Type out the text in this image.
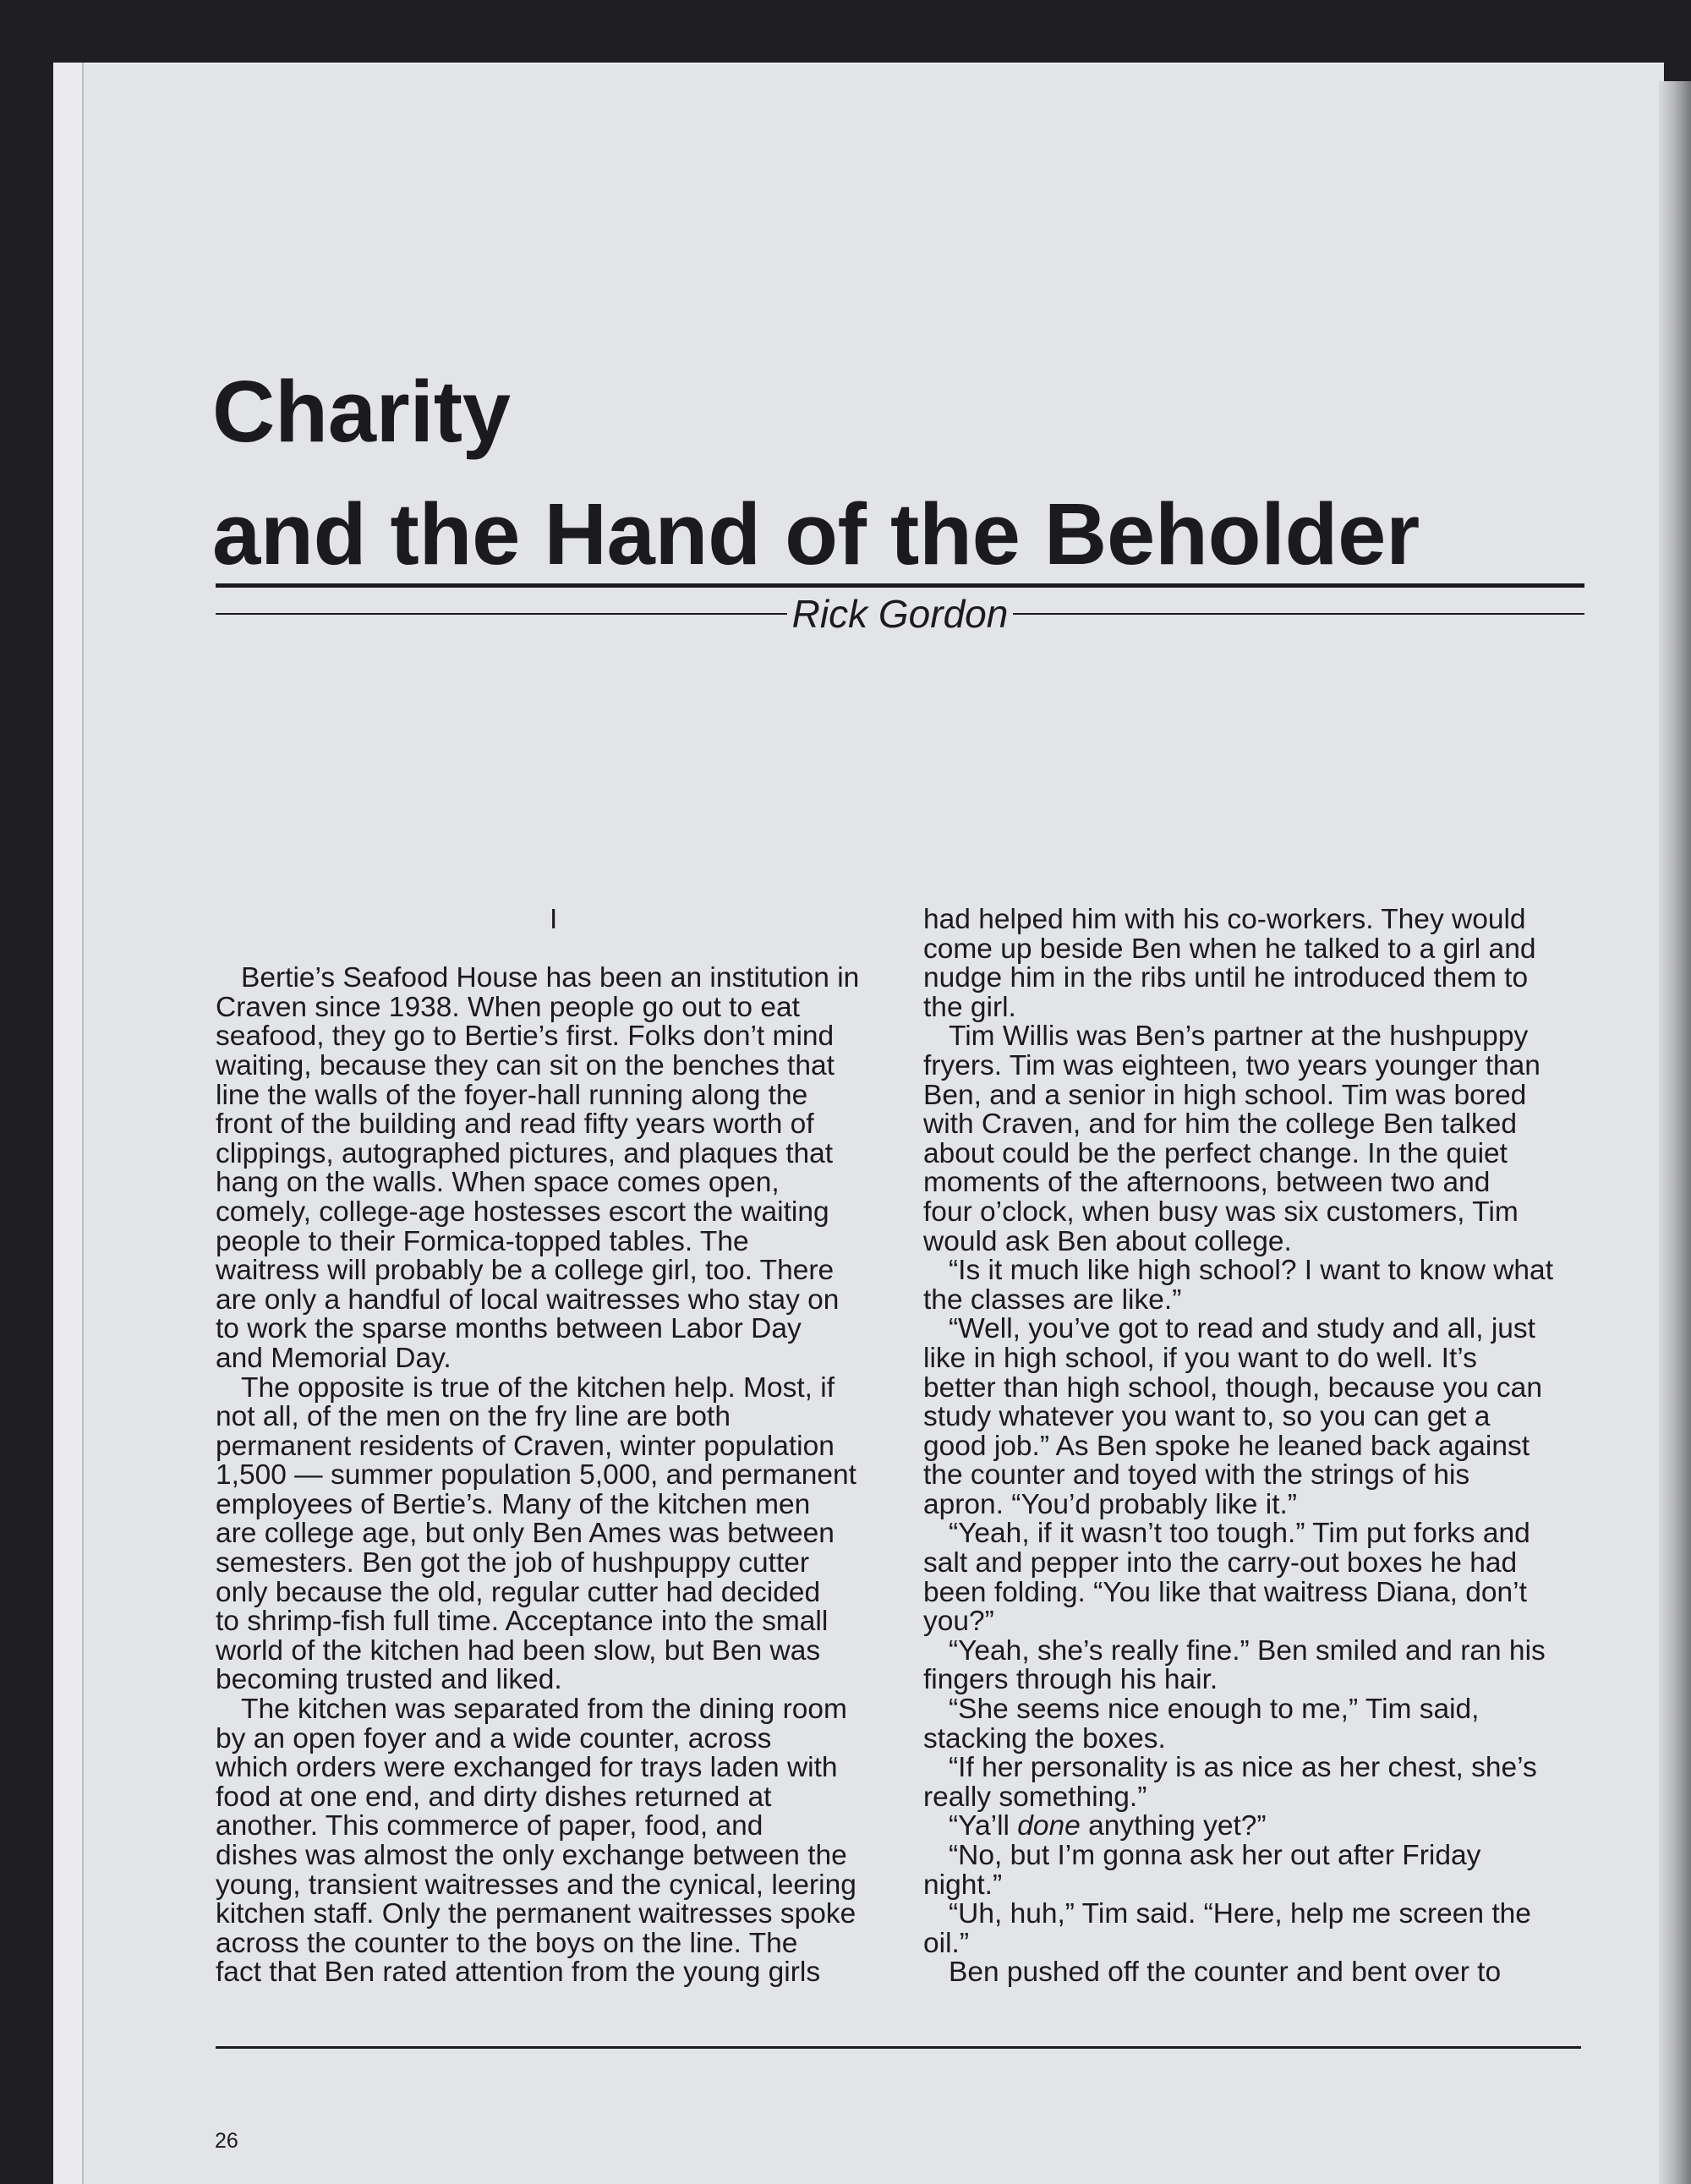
Charity
and the Hand of the Beholder
Rick Gordon
I
Bertie’s Seafood House has been an institution in
Craven since 1938. When people go out to eat
seafood, they go to Bertie’s first. Folks don’t mind
waiting, because they can sit on the benches that
line the walls of the foyer-hall running along the
front of the building and read fifty years worth of
clippings, autographed pictures, and plaques that
hang on the walls. When space comes open,
comely, college-age hostesses escort the waiting
people to their Formica-topped tables. The
waitress will probably be a college girl, too. There
are only a handful of local waitresses who stay on
to work the sparse months between Labor Day
and Memorial Day.
The opposite is true of the kitchen help. Most, if
not all, of the men on the fry line are both
permanent residents of Craven, winter population
1,500 — summer population 5,000, and permanent
employees of Bertie’s. Many of the kitchen men
are college age, but only Ben Ames was between
semesters. Ben got the job of hushpuppy cutter
only because the old, regular cutter had decided
to shrimp-fish full time. Acceptance into the small
world of the kitchen had been slow, but Ben was
becoming trusted and liked.
The kitchen was separated from the dining room
by an open foyer and a wide counter, across
which orders were exchanged for trays laden with
food at one end, and dirty dishes returned at
another. This commerce of paper, food, and
dishes was almost the only exchange between the
young, transient waitresses and the cynical, leering
kitchen staff. Only the permanent waitresses spoke
across the counter to the boys on the line. The
fact that Ben rated attention from the young girls
had helped him with his co-workers. They would
come up beside Ben when he talked to a girl and
nudge him in the ribs until he introduced them to
the girl.
Tim Willis was Ben’s partner at the hushpuppy
fryers. Tim was eighteen, two years younger than
Ben, and a senior in high school. Tim was bored
with Craven, and for him the college Ben talked
about could be the perfect change. In the quiet
moments of the afternoons, between two and
four o’clock, when busy was six customers, Tim
would ask Ben about college.
“Is it much like high school? I want to know what
the classes are like.”
“Well, you’ve got to read and study and all, just
like in high school, if you want to do well. It’s
better than high school, though, because you can
study whatever you want to, so you can get a
good job.” As Ben spoke he leaned back against
the counter and toyed with the strings of his
apron. “You’d probably like it.”
“Yeah, if it wasn’t too tough.” Tim put forks and
salt and pepper into the carry-out boxes he had
been folding. “You like that waitress Diana, don’t
you?”
“Yeah, she’s really fine.” Ben smiled and ran his
fingers through his hair.
“She seems nice enough to me,” Tim said,
stacking the boxes.
“If her personality is as nice as her chest, she’s
really something.”
“Ya’ll done anything yet?”
“No, but I’m gonna ask her out after Friday
night.”
“Uh, huh,” Tim said. “Here, help me screen the
oil.”
Ben pushed off the counter and bent over to
26
